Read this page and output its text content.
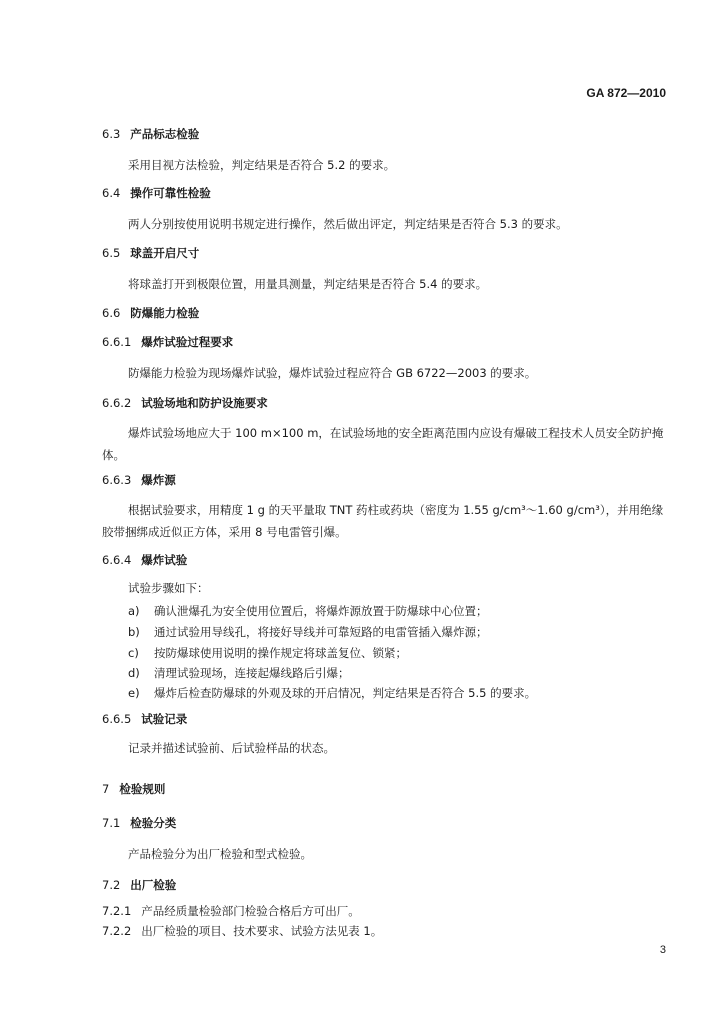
GA 872—2010
6.3 产品标志检验
采用目视方法检验，判定结果是否符合 5.2 的要求。
6.4 操作可靠性检验
两人分别按使用说明书规定进行操作，然后做出评定，判定结果是否符合 5.3 的要求。
6.5 球盖开启尺寸
将球盖打开到极限位置，用量具测量，判定结果是否符合 5.4 的要求。
6.6 防爆能力检验
6.6.1 爆炸试验过程要求
防爆能力检验为现场爆炸试验，爆炸试验过程应符合 GB 6722—2003 的要求。
6.6.2 试验场地和防护设施要求
爆炸试验场地应大于 100 m×100 m，在试验场地的安全距离范围内应设有爆破工程技术人员安全防护掩体。
6.6.3 爆炸源
根据试验要求，用精度 1 g 的天平量取 TNT 药柱或药块（密度为 1.55 g/cm³～1.60 g/cm³），并用绝缘胶带捆绑成近似正方体，采用 8 号电雷管引爆。
6.6.4 爆炸试验
试验步骤如下：
a) 确认泄爆孔为安全使用位置后，将爆炸源放置于防爆球中心位置；
b) 通过试验用导线孔，将接好导线并可靠短路的电雷管插入爆炸源；
c) 按防爆球使用说明的操作规定将球盖复位、锁紧；
d) 清理试验现场，连接起爆线路后引爆；
e) 爆炸后检查防爆球的外观及球的开启情况，判定结果是否符合 5.5 的要求。
6.6.5 试验记录
记录并描述试验前、后试验样品的状态。
7 检验规则
7.1 检验分类
产品检验分为出厂检验和型式检验。
7.2 出厂检验
7.2.1 产品经质量检验部门检验合格后方可出厂。
7.2.2 出厂检验的项目、技术要求、试验方法见表 1。
3
